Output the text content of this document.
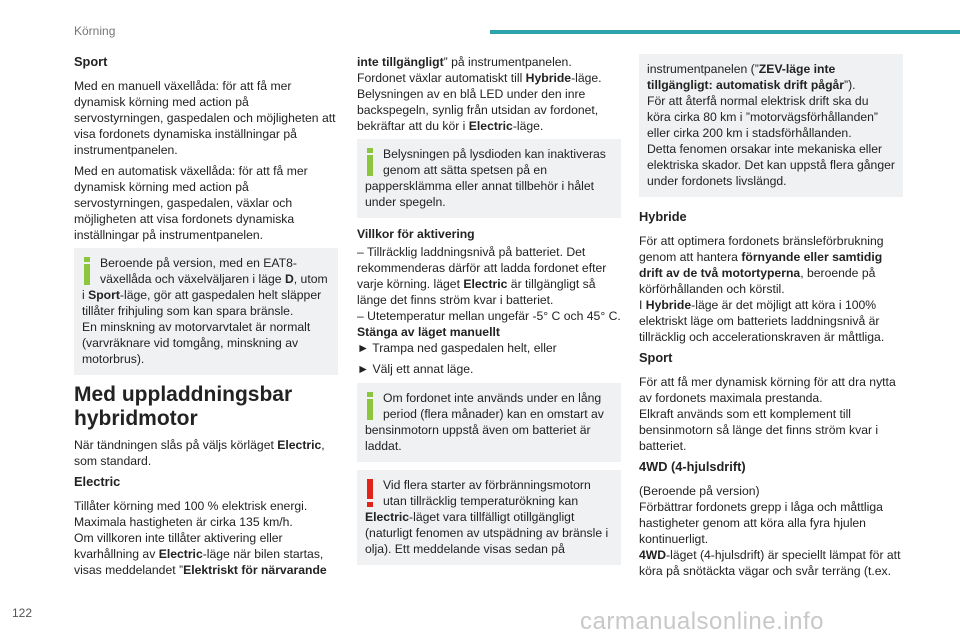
Körning
Sport

Med en manuell växellåda: för att få mer dynamisk körning med action på servostyrningen, gaspedalen och möjligheten att visa fordonets dynamiska inställningar på instrumentpanelen.

Med en automatisk växellåda: för att få mer dynamisk körning med action på servostyrningen, gaspedalen, växlar och möjligheten att visa fordonets dynamiska inställningar på instrumentpanelen.

Beroende på version, med en EAT8-växellåda och växelväljaren i läge D, utom i Sport-läge, gör att gaspedalen helt släpper tillåter frihjuling som kan spara bränsle.

En minskning av motorvarvtalet är normalt (varvräknare vid tomgång, minskning av motorbrus).

Med uppladdningsbar hybridmotor

När tändningen slås på väljs körläget Electric, som standard.

Electric

Tillåter körning med 100 % elektrisk energi.
Maximala hastigheten är cirka 135 km/h.
Om villkoren inte tillåter aktivering eller kvarhållning av Electric-läge när bilen startas, visas meddelandet ”Elektriskt för närvarande

inte tillgängligt” på instrumentpanelen.
Fordonet växlar automatiskt till Hybride-läge.
Belysningen av en blå LED under den inre backspegeln, synlig från utsidan av fordonet, bekräftar att du kör i Electric-läge.

Belysningen på lysdioden kan inaktiveras genom att sätta spetsen på en pappersklämma eller annat tillbehör i hålet under spegeln.

Villkor för aktivering

– Tillräcklig laddningsnivå på batteriet. Det rekommenderas därför att ladda fordonet efter varje körning. läget Electric är tillgängligt så länge det finns ström kvar i batteriet.

– Utetemperatur mellan ungefär -5° C och 45° C.

Stänga av läget manuellt

► Trampa ned gaspedalen helt, eller

► Välj ett annat läge.

Om fordonet inte används under en lång period (flera månader) kan en omstart av bensinmotorn uppstå även om batteriet är laddat.

Vid flera starter av förbränningsmotorn utan tillräcklig temperaturökning kan Electric-läget vara tillfälligt otillgängligt (naturligt fenomen av utspädning av bränsle i olja). Ett meddelande visas sedan på

instrumentpanelen (”ZEV-läge inte tillgängligt: automatisk drift pågår”).
För att återfå normal elektrisk drift ska du köra cirka 80 km i ”motorvägsförhållanden” eller cirka 200 km i stadsförhållanden.
Detta fenomen orsakar inte mekaniska eller elektriska skador. Det kan uppstå flera gånger under fordonets livslängd.

Hybride

För att optimera fordonets bränsleförbrukning genom att hantera förnyande eller samtidig drift av de två motortyperna, beroende på körförhållanden och körstil.
I Hybride-läge är det möjligt att köra i 100% elektriskt läge om batteriets laddningsnivå är tillräcklig och accelerationskraven är måttliga.

Sport

För att få mer dynamisk körning för att dra nytta av fordonets maximala prestanda.
Elkraft används som ett komplement till bensinmotorn så länge det finns ström kvar i batteriet.

4WD (4-hjulsdrift)

(Beroende på version)
Förbättrar fordonets grepp i låga och måttliga hastigheter genom att köra alla fyra hjulen kontinuerligt.
4WD-läget (4-hjulsdrift) är speciellt lämpat för att köra på snötäckta vägar och svår terräng (t.ex.

122	carmanualsonline.info
